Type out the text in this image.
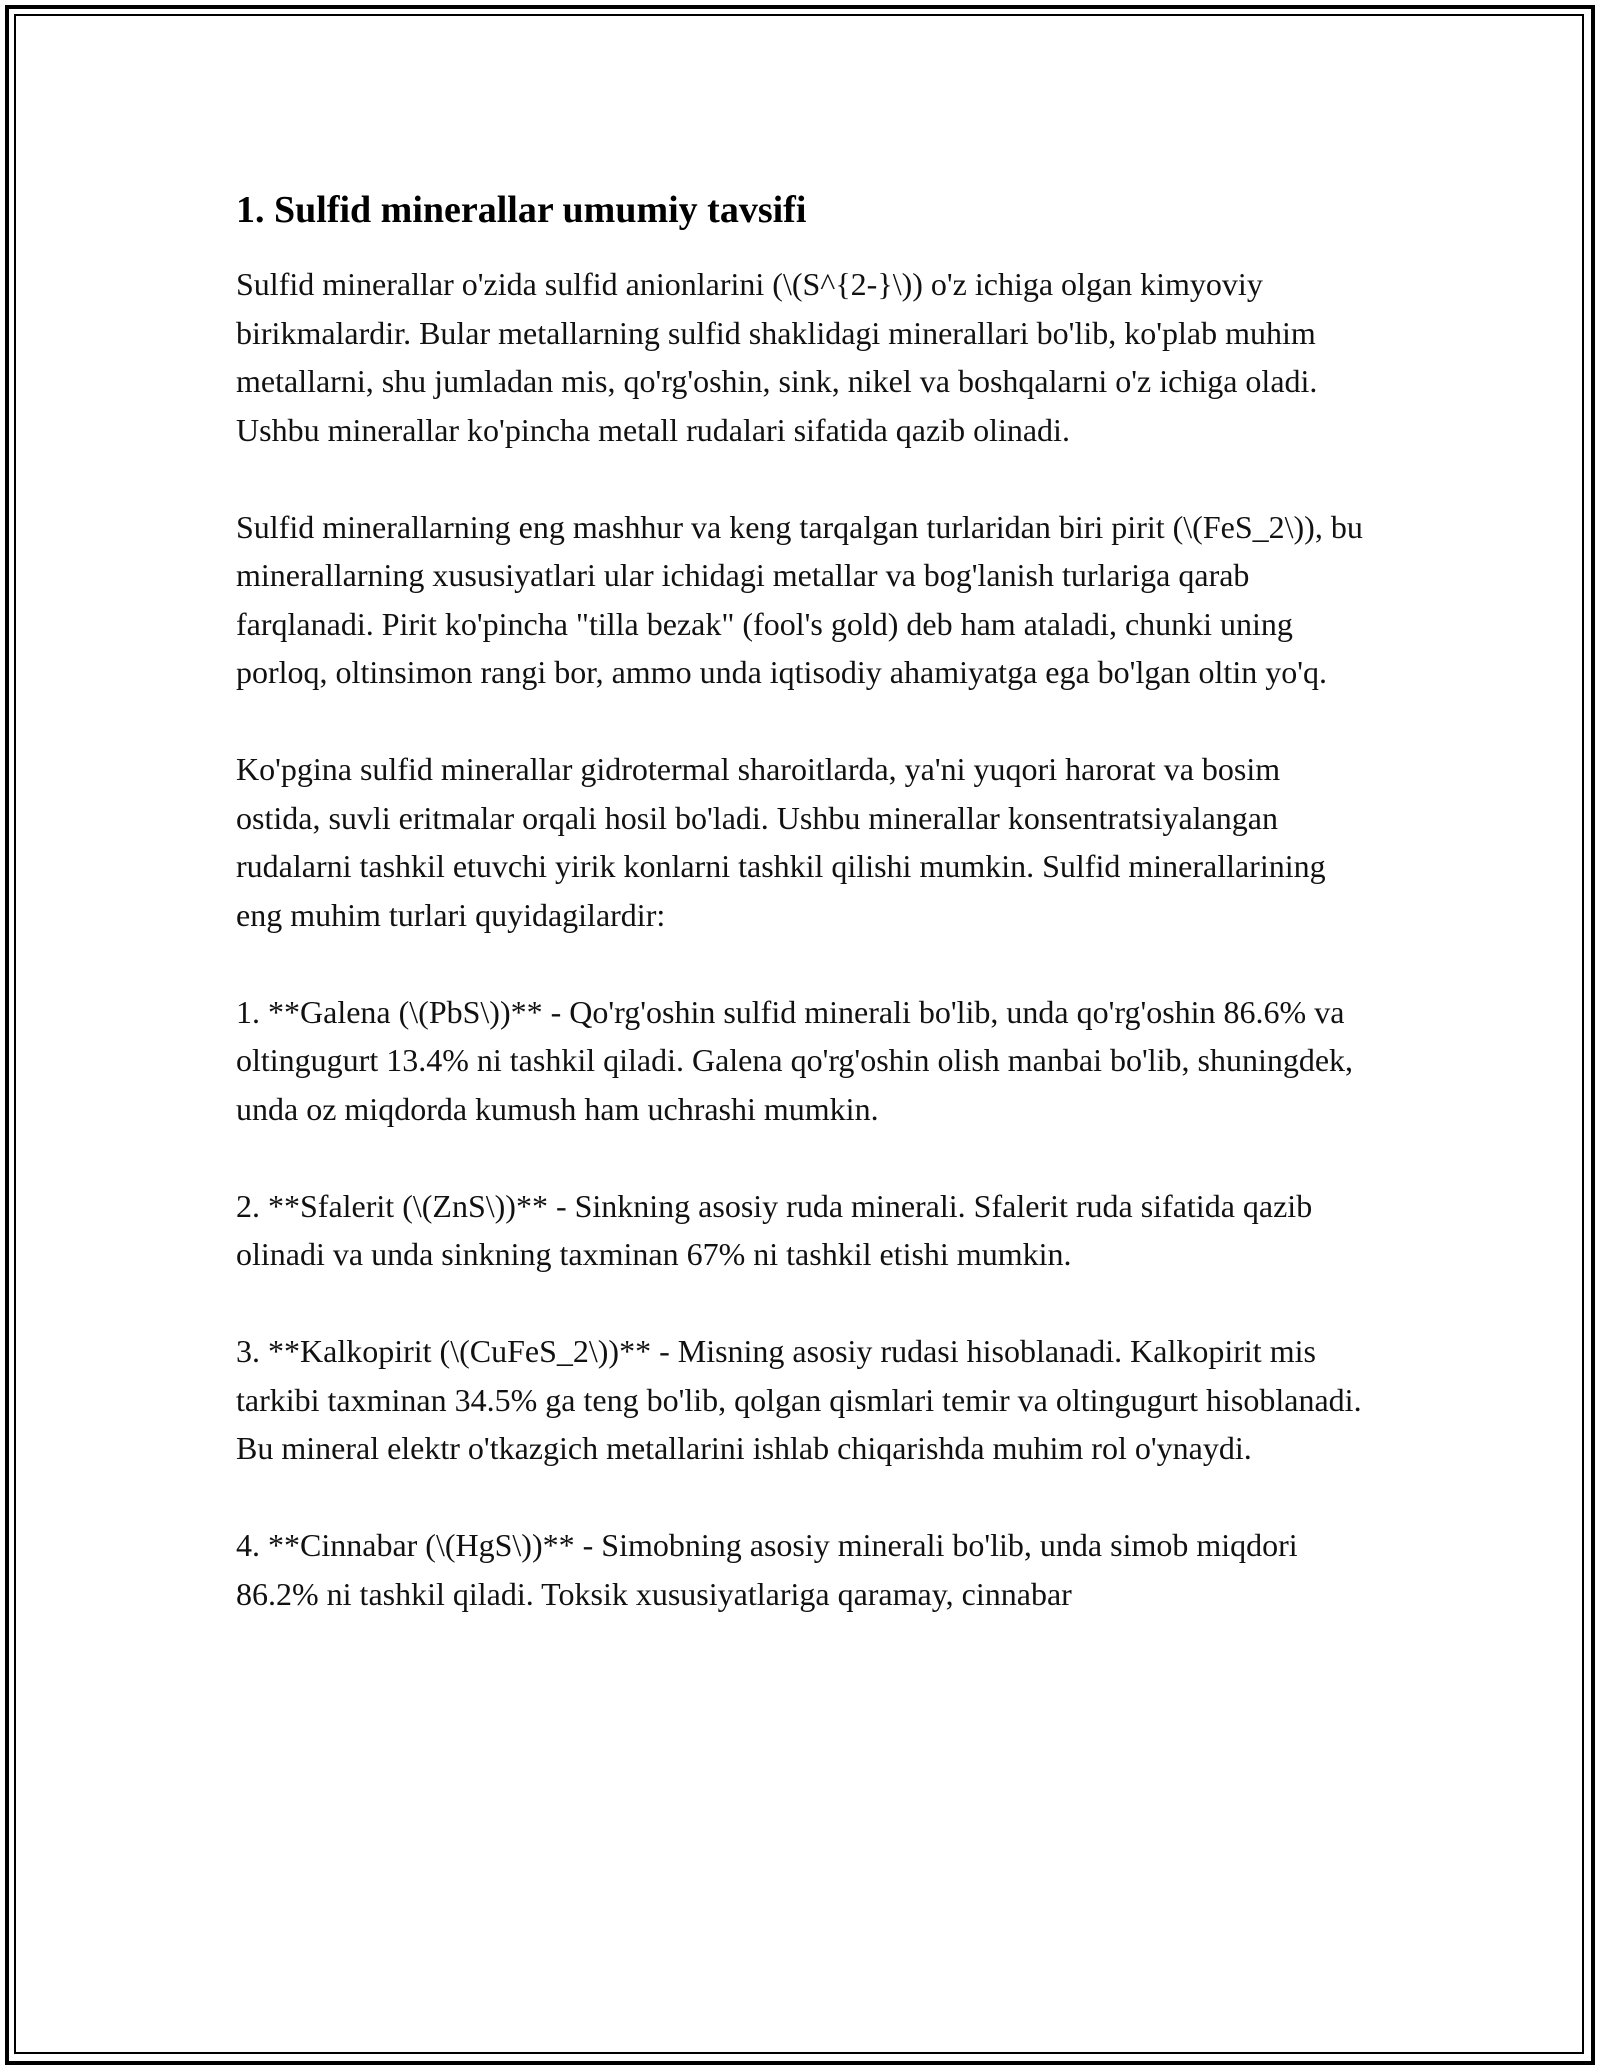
1. Sulfid minerallar umumiy tavsifi

Sulfid minerallar o'zida sulfid anionlarini (\(S^{2-}\)) o'z ichiga olgan kimyoviy birikmalardir. Bular metallarning sulfid shaklidagi minerallari bo'lib, ko'plab muhim metallarni, shu jumladan mis, qo'rg'oshin, sink, nikel va boshqalarni o'z ichiga oladi. Ushbu minerallar ko'pincha metall rudalari sifatida qazib olinadi.

Sulfid minerallarning eng mashhur va keng tarqalgan turlaridan biri pirit (\(FeS_2\)), bu minerallarning xususiyatlari ular ichidagi metallar va bog'lanish turlariga qarab farqlanadi. Pirit ko'pincha "tilla bezak" (fool's gold) deb ham ataladi, chunki uning porloq, oltinsimon rangi bor, ammo unda iqtisodiy ahamiyatga ega bo'lgan oltin yo'q.

Ko'pgina sulfid minerallar gidrotermal sharoitlarda, ya'ni yuqori harorat va bosim ostida, suvli eritmalar orqali hosil bo'ladi. Ushbu minerallar konsentratsiyalangan rudalarni tashkil etuvchi yirik konlarni tashkil qilishi mumkin. Sulfid minerallarining eng muhim turlari quyidagilardir:

1. **Galena (\(PbS\))** - Qo'rg'oshin sulfid minerali bo'lib, unda qo'rg'oshin 86.6% va oltingugurt 13.4% ni tashkil qiladi. Galena qo'rg'oshin olish manbai bo'lib, shuningdek, unda oz miqdorda kumush ham uchrashi mumkin.

2. **Sfalerit (\(ZnS\))** - Sinkning asosiy ruda minerali. Sfalerit ruda sifatida qazib olinadi va unda sinkning taxminan 67% ni tashkil etishi mumkin.

3. **Kalkopirit (\(CuFeS_2\))** - Misning asosiy rudasi hisoblanadi. Kalkopirit mis tarkibi taxminan 34.5% ga teng bo'lib, qolgan qismlari temir va oltingugurt hisoblanadi. Bu mineral elektr o'tkazgich metallarini ishlab chiqarishda muhim rol o'ynaydi.

4. **Cinnabar (\(HgS\))** - Simobning asosiy minerali bo'lib, unda simob miqdori 86.2% ni tashkil qiladi. Toksik xususiyatlariga qaramay, cinnabar
